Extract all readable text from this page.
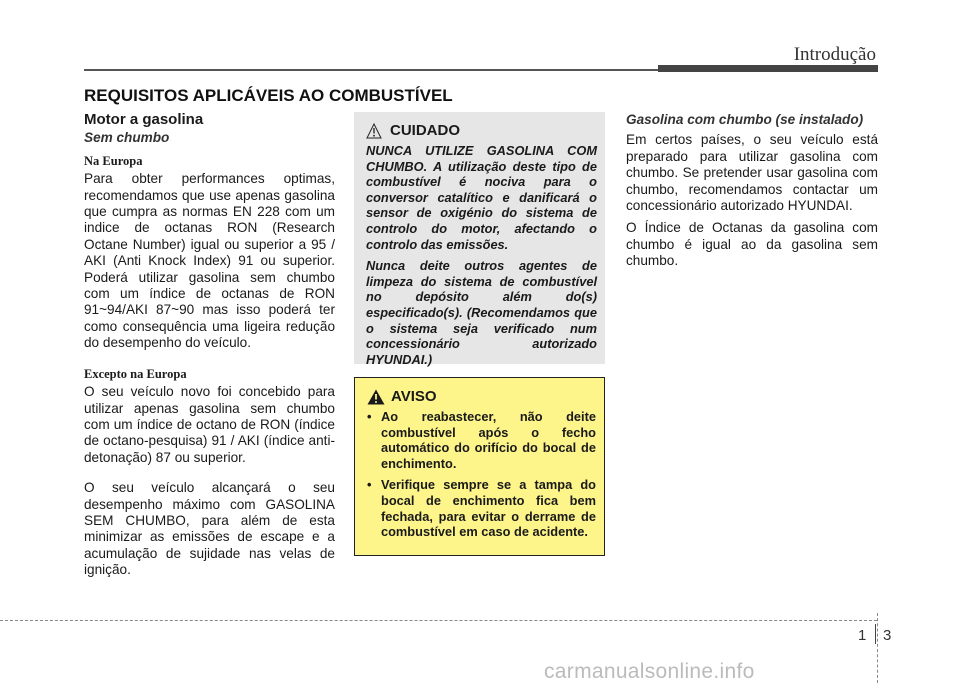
Introdução
REQUISITOS APLICÁVEIS AO COMBUSTÍVEL
Motor a gasolina
Sem chumbo
Na Europa

Para obter performances optimas, recomendamos que use apenas gasolina que cumpra as normas EN 228 com um indice de octanas RON (Research Octane Number) igual ou superior a 95 / AKI (Anti Knock Index) 91 ou superior. Poderá utilizar gasolina sem chumbo com um índice de octanas de RON 91~94/AKI 87~90 mas isso poderá ter como consequência uma ligeira redução do desempenho do veículo.

Excepto na Europa

O seu veículo novo foi concebido para utilizar apenas gasolina sem chumbo com um índice de octano de RON (índice de octano-pesquisa) 91 / AKI (índice anti-detonação) 87 ou superior.

O seu veículo alcançará o seu desempenho máximo com GASOLINA SEM CHUMBO, para além de esta minimizar as emissões de escape e a acumulação de sujidade nas velas de ignição.

CUIDADO

NUNCA UTILIZE GASOLINA COM CHUMBO. A utilização deste tipo de combustível é nociva para o conversor catalítico e danificará o sensor de oxigénio do sistema de controlo do motor, afectando o controlo das emissões.

Nunca deite outros agentes de limpeza do sistema de combustível no depósito além do(s) especificado(s). (Recomendamos que o sistema seja verificado num concessionário autorizado HYUNDAI.)

AVISO
• Ao reabastecer, não deite combustível após o fecho automático do orifício do bocal de enchimento.
• Verifique sempre se a tampa do bocal de enchimento fica bem fechada, para evitar o derrame de combustível em caso de acidente.
Gasolina com chumbo (se instalado)

Em certos países, o seu veículo está preparado para utilizar gasolina com chumbo. Se pretender usar gasolina com chumbo, recomendamos contactar um concessionário autorizado HYUNDAI.

O Índice de Octanas da gasolina com chumbo é igual ao da gasolina sem chumbo.

1 3
carmanualsonline.info
